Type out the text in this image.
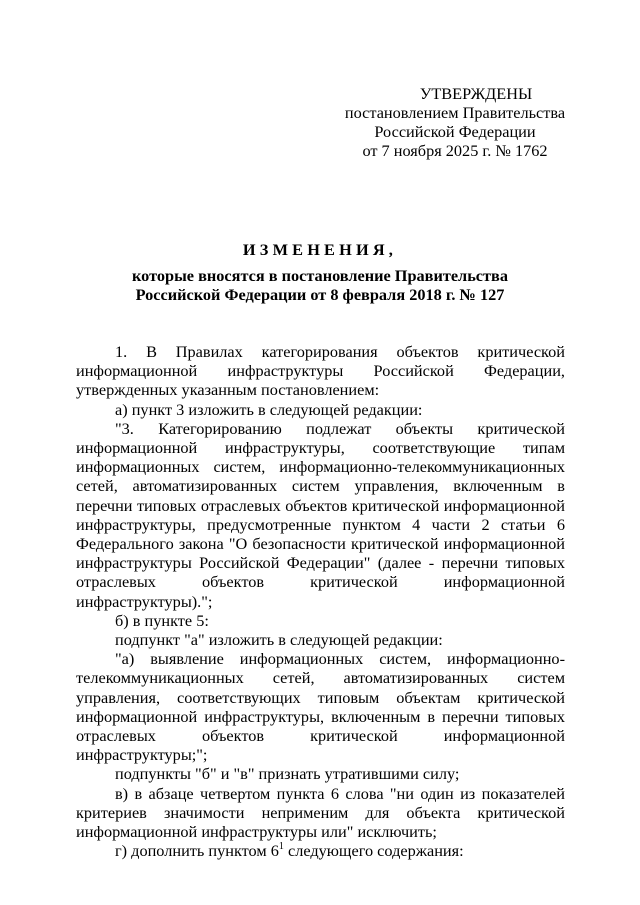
УТВЕРЖДЕНЫ
постановлением Правительства
Российской Федерации
от 7 ноября 2025 г. № 1762
ИЗМЕНЕНИЯ,
которые вносятся в постановление Правительства
Российской Федерации от 8 февраля 2018 г. № 127

1. В Правилах категорирования объектов критической информационной инфраструктуры Российской Федерации, утвержденных указанным постановлением:

а) пункт 3 изложить в следующей редакции:

"3. Категорированию подлежат объекты критической информационной инфраструктуры, соответствующие типам информационных систем, информационно-телекоммуникационных сетей, автоматизированных систем управления, включенным в перечни типовых отраслевых объектов критической информационной инфраструктуры, предусмотренные пунктом 4 части 2 статьи 6 Федерального закона "О безопасности критической информационной инфраструктуры Российской Федерации" (далее - перечни типовых отраслевых объектов критической информационной инфраструктуры).";

б) в пункте 5:

подпункт "а" изложить в следующей редакции:

"а) выявление информационных систем, информационно-телекоммуникационных сетей, автоматизированных систем управления, соответствующих типовым объектам критической информационной инфраструктуры, включенным в перечни типовых отраслевых объектов критической информационной инфраструктуры;";

подпункты "б" и "в" признать утратившими силу;

в) в абзаце четвертом пункта 6 слова "ни один из показателей критериев значимости неприменим для объекта критической информационной инфраструктуры или" исключить;

г) дополнить пунктом $6^1$ следующего содержания:
